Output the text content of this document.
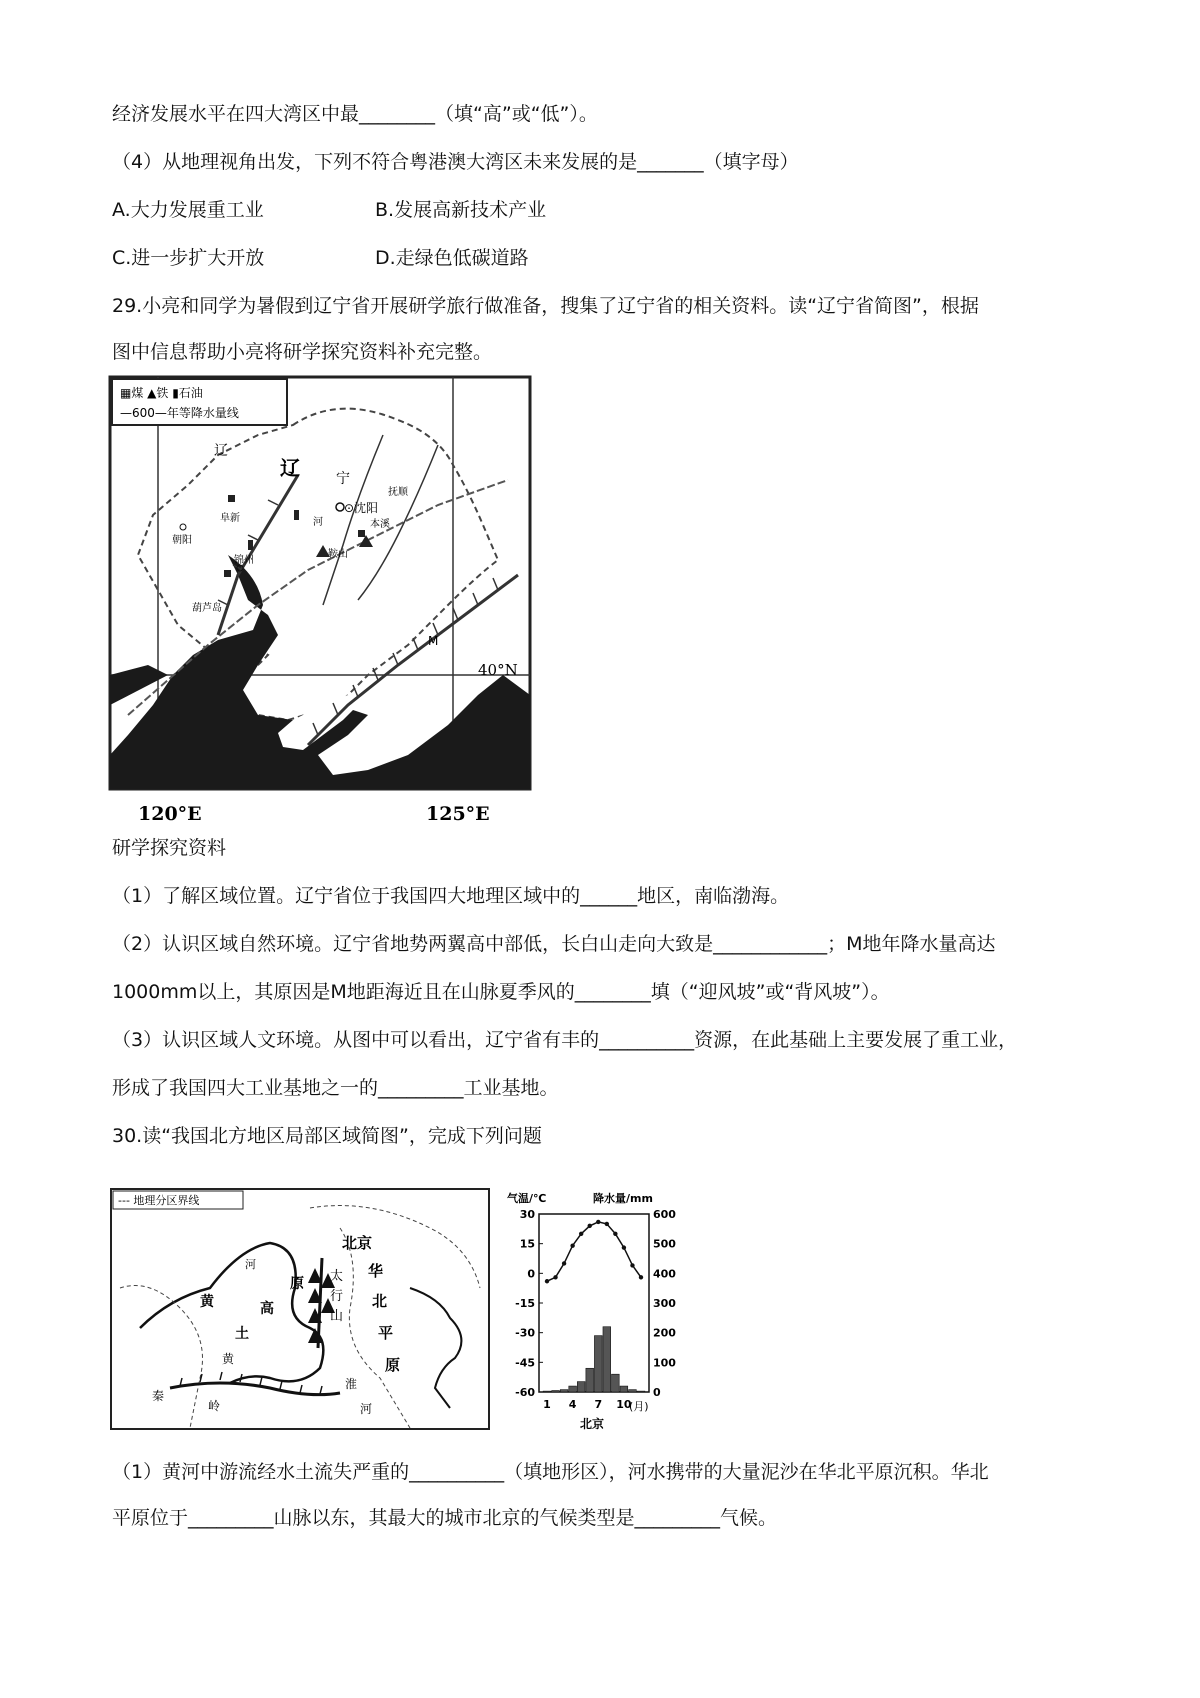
经济发展水平在四大湾区中最________（填“高”或“低”）。
（4）从地理视角出发，下列不符合粤港澳大湾区未来发展的是_______（填字母）
A.大力发展重工业	B.发展高新技术产业
C.进一步扩大开放	D.走绿色低碳道路
29.小亮和同学为暑假到辽宁省开展研学旅行做准备，搜集了辽宁省的相关资料。读“辽宁省简图”，根据
图中信息帮助小亮将研学探究资料补充完整。
▦煤 ▲铁 ▮石油
—600—年等降水量线
辽
辽	宁
省
⊙沈阳
抚顺
本溪
鞍山
阜新
朝阳
锦州
葫芦岛
河
M
40°N
120°E	125°E
研学探究资料
（1）了解区域位置。辽宁省位于我国四大地理区域中的______地区，南临渤海。
（2）认识区域自然环境。辽宁省地势两翼高中部低，长白山走向大致是____________；M地年降水量高达
1000mm以上，其原因是M地距海近且在山脉夏季风的________填（“迎风坡”或“背风坡”）。
（3）认识区域人文环境。从图中可以看出，辽宁省有丰的__________资源，在此基础上主要发展了重工业，
形成了我国四大工业基地之一的_________工业基地。
30.读“我国北方地区局部区域简图”，完成下列问题
--- 地理分区界线
黄
土
高
原
黄
河
太
行
山
北京
华
北
平
原
秦
岭
淮
河
气温/℃	降水量/mm
30
15
0
-15
-30
-45
-60
600
500
400
300
200
100
0
1 4 7 10
(月)
北京
（1）黄河中游流经水土流失严重的__________（填地形区），河水携带的大量泥沙在华北平原沉积。华北
平原位于_________山脉以东，其最大的城市北京的气候类型是_________气候。
